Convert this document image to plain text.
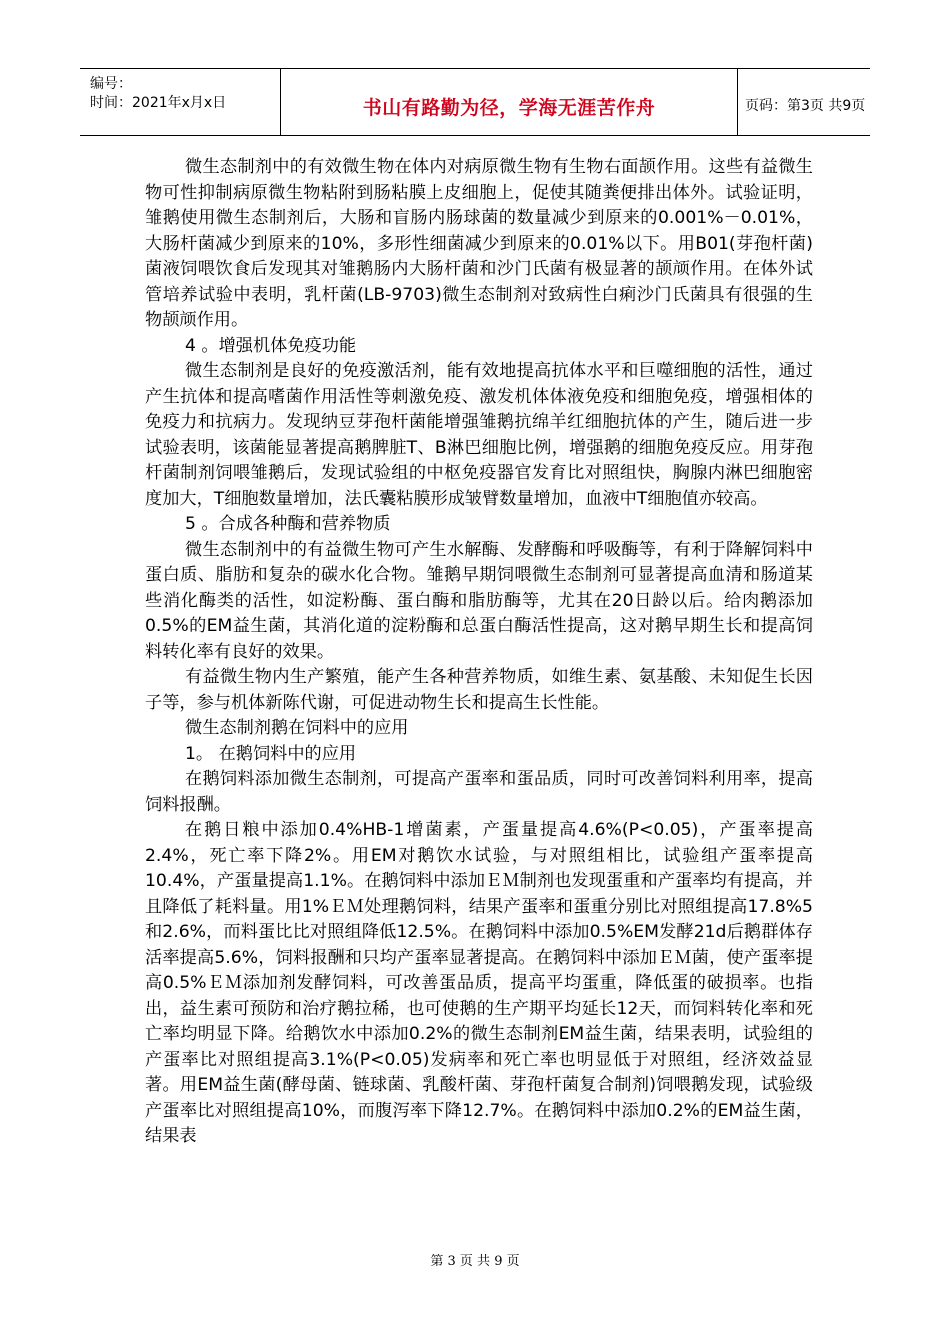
编号：
时间：2021年x月x日	书山有路勤为径，学海无涯苦作舟	页码：第3页 共9页

微生态制剂中的有效微生物在体内对病原微生物有生物右面颉作用。这些有益微生物可性抑制病原微生物粘附到肠粘膜上皮细胞上，促使其随粪便排出体外。试验证明，雏鹅使用微生态制剂后，大肠和盲肠内肠球菌的数量减少到原来的0.001%－0.01%，大肠杆菌减少到原来的10%，多形性细菌减少到原来的0.01%以下。用B01(芽孢杆菌)菌液饲喂饮食后发现其对雏鹅肠内大肠杆菌和沙门氏菌有极显著的颉颃作用。在体外试管培养试验中表明，乳杆菌(LB-9703)微生态制剂对致病性白痢沙门氏菌具有很强的生物颉颃作用。

4 。增强机体免疫功能

微生态制剂是良好的免疫激活剂，能有效地提高抗体水平和巨噬细胞的活性，通过产生抗体和提高嗜菌作用活性等刺激免疫、激发机体体液免疫和细胞免疫，增强相体的免疫力和抗病力。发现纳豆芽孢杆菌能增强雏鹅抗绵羊红细胞抗体的产生，随后进一步试验表明，该菌能显著提高鹅脾脏T、B淋巴细胞比例，增强鹅的细胞免疫反应。用芽孢杆菌制剂饲喂雏鹅后，发现试验组的中枢免疫器官发育比对照组快，胸腺内淋巴细胞密度加大，T细胞数量增加，法氏囊粘膜形成皱臂数量增加，血液中T细胞值亦较高。

5 。合成各种酶和营养物质

微生态制剂中的有益微生物可产生水解酶、发酵酶和呼吸酶等，有利于降解饲料中蛋白质、脂肪和复杂的碳水化合物。雏鹅早期饲喂微生态制剂可显著提高血清和肠道某些消化酶类的活性，如淀粉酶、蛋白酶和脂肪酶等，尤其在20日龄以后。给肉鹅添加0.5%的EM益生菌，其消化道的淀粉酶和总蛋白酶活性提高，这对鹅早期生长和提高饲料转化率有良好的效果。

有益微生物内生产繁殖，能产生各种营养物质，如维生素、氨基酸、未知促生长因子等，参与机体新陈代谢，可促进动物生长和提高生长性能。

微生态制剂鹅在饲料中的应用

1。 在鹅饲料中的应用

在鹅饲料添加微生态制剂，可提高产蛋率和蛋品质，同时可改善饲料利用率，提高饲料报酬。

在鹅日粮中添加0.4%HB-1增菌素，产蛋量提高4.6%(P<0.05)，产蛋率提高2.4%，死亡率下降2%。用EM对鹅饮水试验，与对照组相比，试验组产蛋率提高10.4%，产蛋量提高1.1%。在鹅饲料中添加ＥＭ制剂也发现蛋重和产蛋率均有提高，并且降低了耗料量。用1%ＥＭ处理鹅饲料，结果产蛋率和蛋重分别比对照组提高17.8%5和2.6%，而料蛋比比对照组降低12.5%。在鹅饲料中添加0.5%EM发酵21d后鹅群体存活率提高5.6%，饲料报酬和只均产蛋率显著提高。在鹅饲料中添加ＥＭ菌，使产蛋率提高0.5%ＥＭ添加剂发酵饲料，可改善蛋品质，提高平均蛋重，降低蛋的破损率。也指出，益生素可预防和治疗鹅拉稀，也可使鹅的生产期平均延长12天，而饲料转化率和死亡率均明显下降。给鹅饮水中添加0.2%的微生态制剂EM益生菌，结果表明，试验组的产蛋率比对照组提高3.1%(P<0.05)发病率和死亡率也明显低于对照组，经济效益显著。用EM益生菌(酵母菌、链球菌、乳酸杆菌、芽孢杆菌复合制剂)饲喂鹅发现，试验级产蛋率比对照组提高10%，而腹泻率下降12.7%。在鹅饲料中添加0.2%的EM益生菌，结果表

第 3 页 共 9 页
